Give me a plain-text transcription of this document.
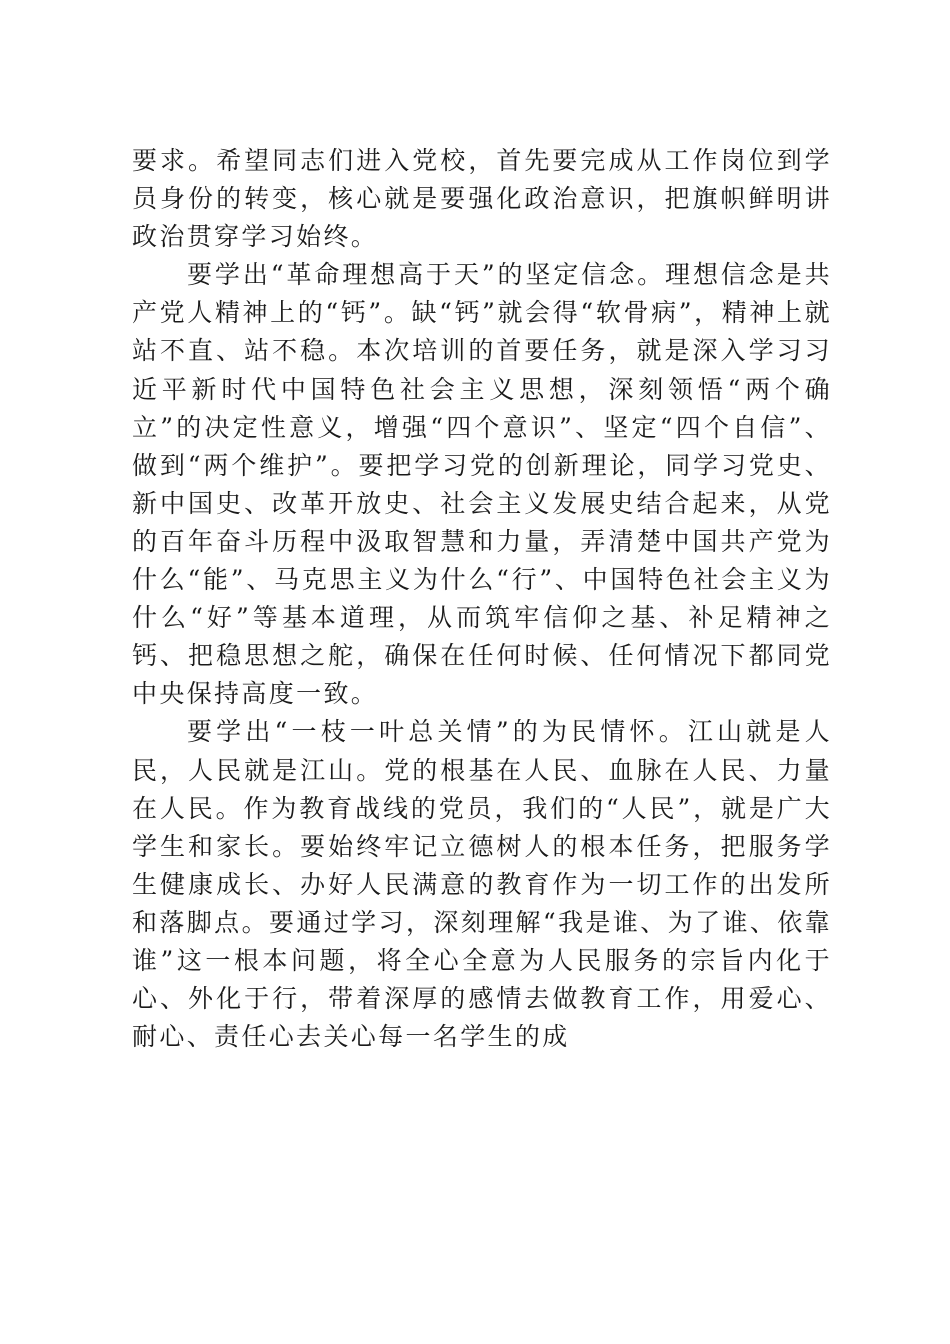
要求。希望同志们进入党校，首先要完成从工作岗位到学员身份的转变，核心就是要强化政治意识，把旗帜鲜明讲政治贯穿学习始终。

要学出“革命理想高于天”的坚定信念。理想信念是共产党人精神上的“钙”。缺“钙”就会得“软骨病”，精神上就站不直、站不稳。本次培训的首要任务，就是深入学习习近平新时代中国特色社会主义思想，深刻领悟“两个确立”的决定性意义，增强“四个意识”、坚定“四个自信”、做到“两个维护”。要把学习党的创新理论，同学习党史、新中国史、改革开放史、社会主义发展史结合起来，从党的百年奋斗历程中汲取智慧和力量，弄清楚中国共产党为什么“能”、马克思主义为什么“行”、中国特色社会主义为什么“好”等基本道理，从而筑牢信仰之基、补足精神之钙、把稳思想之舵，确保在任何时候、任何情况下都同党中央保持高度一致。

要学出“一枝一叶总关情”的为民情怀。江山就是人民，人民就是江山。党的根基在人民、血脉在人民、力量在人民。作为教育战线的党员，我们的“人民”，就是广大学生和家长。要始终牢记立德树人的根本任务，把服务学生健康成长、办好人民满意的教育作为一切工作的出发所和落脚点。要通过学习，深刻理解“我是谁、为了谁、依靠谁”这一根本问题，将全心全意为人民服务的宗旨内化于心、外化于行，带着深厚的感情去做教育工作，用爱心、耐心、责任心去关心每一名学生的成
